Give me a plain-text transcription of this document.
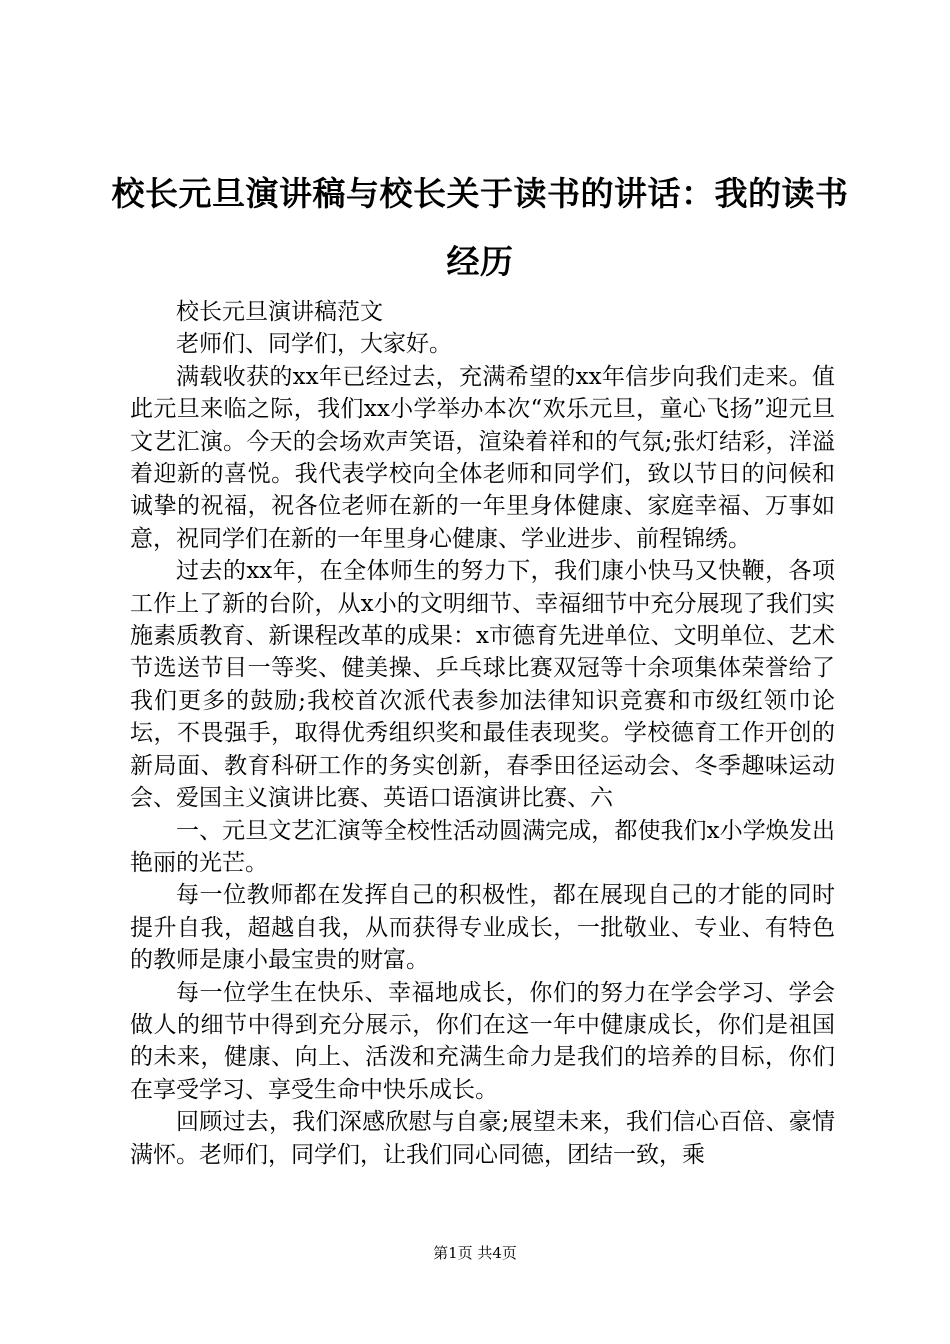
校长元旦演讲稿与校长关于读书的讲话：我的读书经历

校长元旦演讲稿范文

老师们、同学们，大家好。

满载收获的xx年已经过去，充满希望的xx年信步向我们走来。值此元旦来临之际，我们xx小学举办本次“欢乐元旦，童心飞扬”迎元旦文艺汇演。今天的会场欢声笑语，渲染着祥和的气氛;张灯结彩，洋溢着迎新的喜悦。我代表学校向全体老师和同学们，致以节日的问候和诚挚的祝福，祝各位老师在新的一年里身体健康、家庭幸福、万事如意，祝同学们在新的一年里身心健康、学业进步、前程锦绣。

过去的xx年，在全体师生的努力下，我们康小快马又快鞭，各项工作上了新的台阶，从x小的文明细节、幸福细节中充分展现了我们实施素质教育、新课程改革的成果：x市德育先进单位、文明单位、艺术节选送节目一等奖、健美操、乒乓球比赛双冠等十余项集体荣誉给了我们更多的鼓励;我校首次派代表参加法律知识竞赛和市级红领巾论坛，不畏强手，取得优秀组织奖和最佳表现奖。学校德育工作开创的新局面、教育科研工作的务实创新，春季田径运动会、冬季趣味运动会、爱国主义演讲比赛、英语口语演讲比赛、六

一、元旦文艺汇演等全校性活动圆满完成，都使我们x小学焕发出艳丽的光芒。

每一位教师都在发挥自己的积极性，都在展现自己的才能的同时提升自我，超越自我，从而获得专业成长，一批敬业、专业、有特色的教师是康小最宝贵的财富。

每一位学生在快乐、幸福地成长，你们的努力在学会学习、学会做人的细节中得到充分展示，你们在这一年中健康成长，你们是祖国的未来，健康、向上、活泼和充满生命力是我们的培养的目标，你们在享受学习、享受生命中快乐成长。

回顾过去，我们深感欣慰与自豪;展望未来，我们信心百倍、豪情满怀。老师们，同学们，让我们同心同德，团结一致，乘

第1页 共4页
